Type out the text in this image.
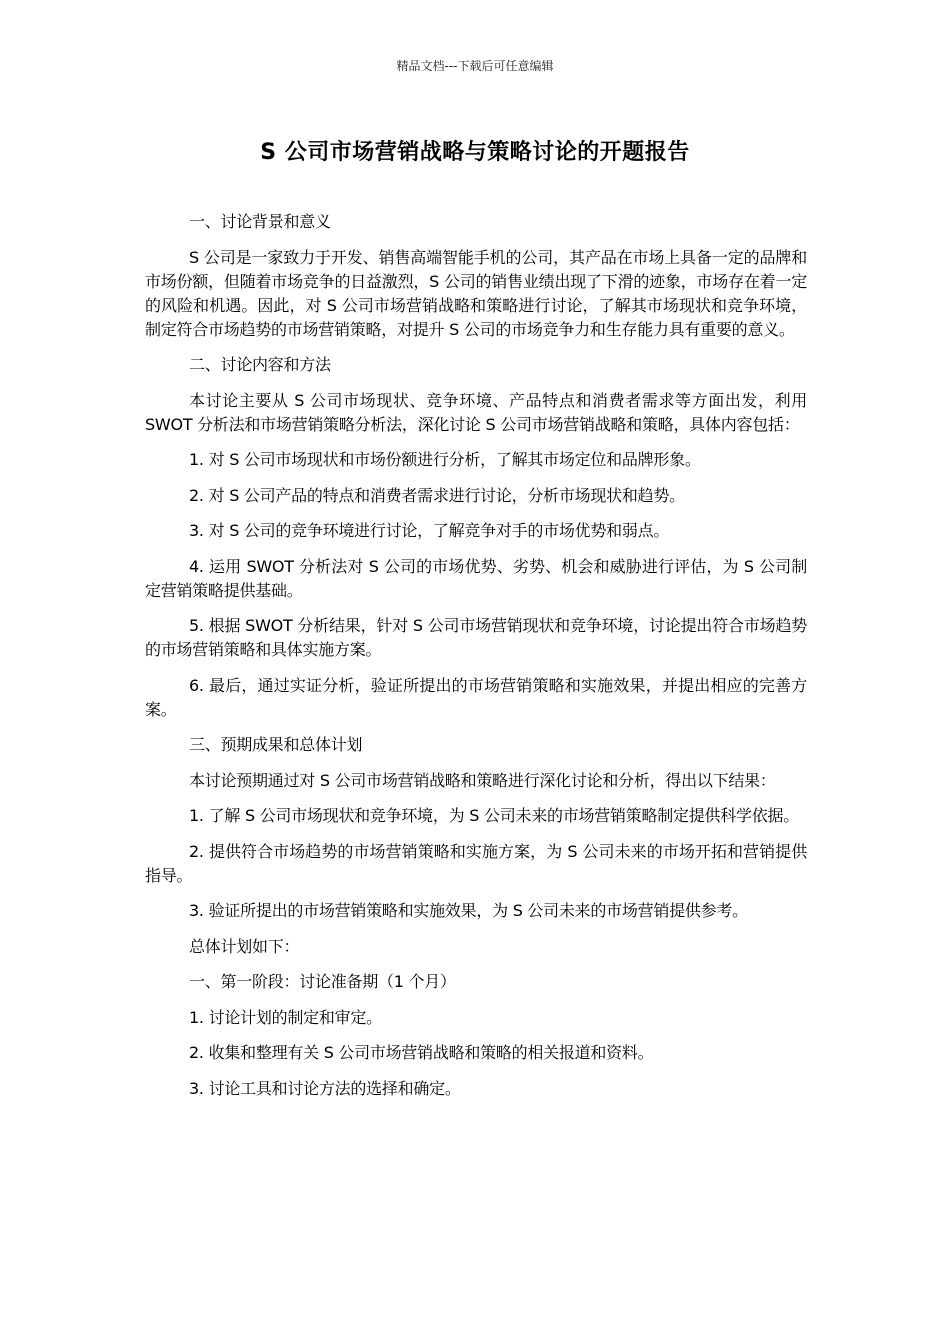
精品文档---下载后可任意编辑
S 公司市场营销战略与策略讨论的开题报告

一、讨论背景和意义

S 公司是一家致力于开发、销售高端智能手机的公司，其产品在市场上具备一定的品牌和市场份额，但随着市场竞争的日益激烈，S 公司的销售业绩出现了下滑的迹象，市场存在着一定的风险和机遇。因此，对 S 公司市场营销战略和策略进行讨论，了解其市场现状和竞争环境，制定符合市场趋势的市场营销策略，对提升 S 公司的市场竞争力和生存能力具有重要的意义。

二、讨论内容和方法

本讨论主要从 S 公司市场现状、竞争环境、产品特点和消费者需求等方面出发，利用 SWOT 分析法和市场营销策略分析法，深化讨论 S 公司市场营销战略和策略，具体内容包括：

1. 对 S 公司市场现状和市场份额进行分析，了解其市场定位和品牌形象。

2. 对 S 公司产品的特点和消费者需求进行讨论，分析市场现状和趋势。

3. 对 S 公司的竞争环境进行讨论，了解竞争对手的市场优势和弱点。

4. 运用 SWOT 分析法对 S 公司的市场优势、劣势、机会和威胁进行评估，为 S 公司制定营销策略提供基础。

5. 根据 SWOT 分析结果，针对 S 公司市场营销现状和竞争环境，讨论提出符合市场趋势的市场营销策略和具体实施方案。

6. 最后，通过实证分析，验证所提出的市场营销策略和实施效果，并提出相应的完善方案。

三、预期成果和总体计划

本讨论预期通过对 S 公司市场营销战略和策略进行深化讨论和分析，得出以下结果：

1. 了解 S 公司市场现状和竞争环境，为 S 公司未来的市场营销策略制定提供科学依据。

2. 提供符合市场趋势的市场营销策略和实施方案，为 S 公司未来的市场开拓和营销提供指导。

3. 验证所提出的市场营销策略和实施效果，为 S 公司未来的市场营销提供参考。

总体计划如下：

一、第一阶段：讨论准备期（1 个月）

1. 讨论计划的制定和审定。

2. 收集和整理有关 S 公司市场营销战略和策略的相关报道和资料。

3. 讨论工具和讨论方法的选择和确定。
